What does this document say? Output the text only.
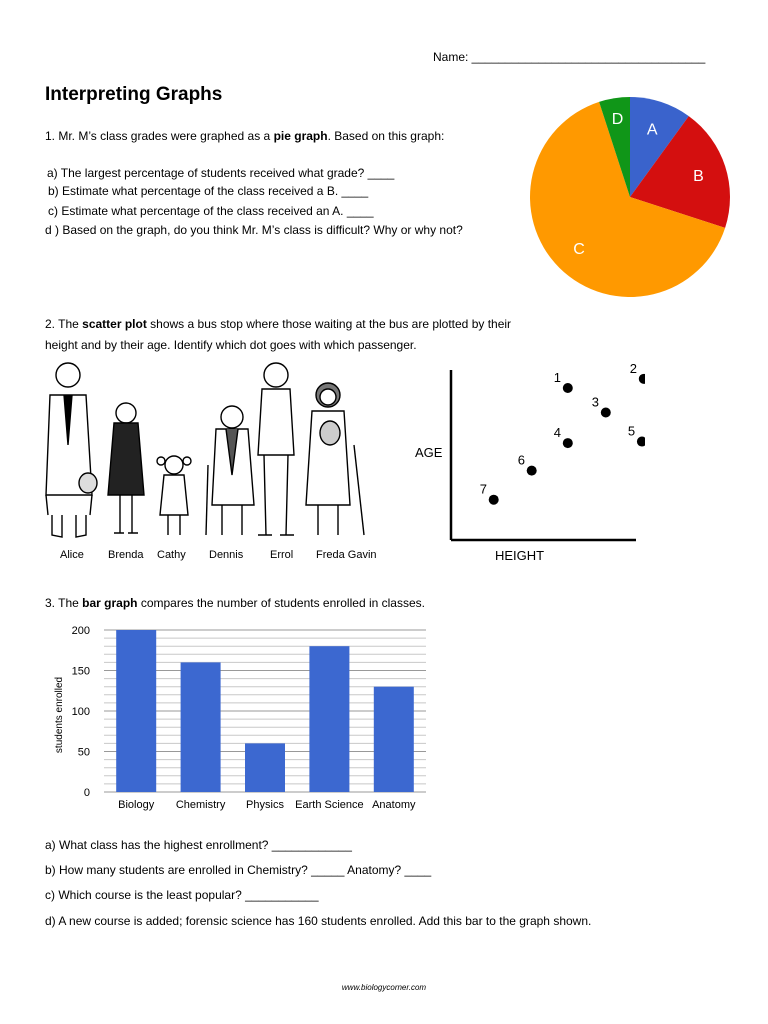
Name: ___________________________________
Interpreting Graphs
1. Mr. M’s class grades were graphed as a pie graph. Based on this graph:
a) The largest percentage of students received what grade? ____
b) Estimate what percentage of the class received a B. ____
c) Estimate what percentage of the class received an A. ____
d ) Based on the graph, do you think Mr. M’s class is difficult? Why or why not?
A
B
C
D
2. The scatter plot shows a bus stop where those waiting at the bus are plotted by their height and by their age. Identify which dot goes with which passenger.
Alice Brenda Cathy Dennis Errol Freda Gavin
AGE
HEIGHT
1
2
3
4	5
6
7
3. The bar graph compares the number of students enrolled in classes.
0
50
100
150
200
students enrolled
Biology Chemistry Physics Earth Science Anatomy
a) What class has the highest enrollment? ____________
b) How many students are enrolled in Chemistry? _____ Anatomy? ____
c) Which course is the least popular? ___________
d) A new course is added; forensic science has 160 students enrolled. Add this bar to the graph shown.
www.biologycorner.com
